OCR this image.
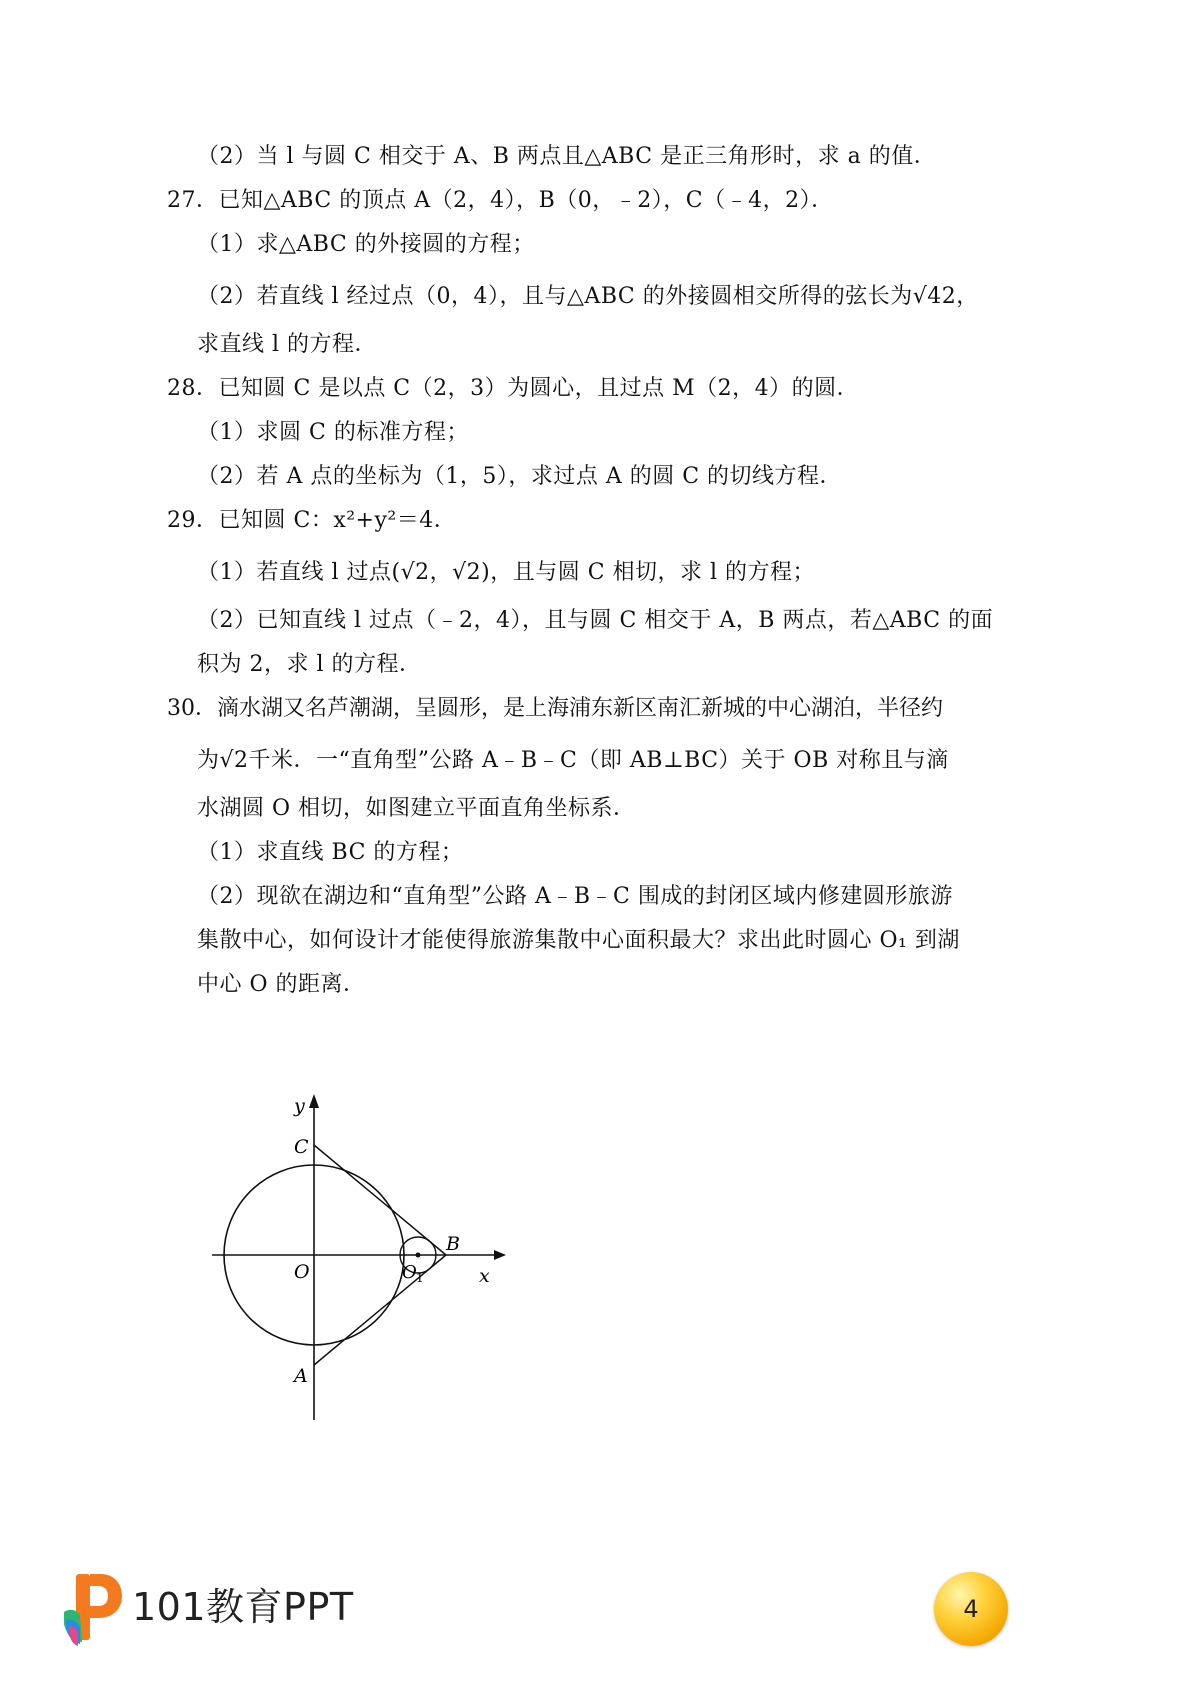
（2）当 l 与圆 C 相交于 A、B 两点且△ABC 是正三角形时，求 a 的值．
27．已知△ABC 的顶点 A（2，4），B（0，﹣2），C（﹣4，2）．
（1）求△ABC 的外接圆的方程；
（2）若直线 l 经过点（0，4），且与△ABC 的外接圆相交所得的弦长为√42，
求直线 l 的方程．
28．已知圆 C 是以点 C（2，3）为圆心，且过点 M（2，4）的圆．
（1）求圆 C 的标准方程；
（2）若 A 点的坐标为（1，5），求过点 A 的圆 C 的切线方程．
29．已知圆 C：x²+y²＝4．
（1）若直线 l 过点(√2，√2)，且与圆 C 相切，求 l 的方程；
（2）已知直线 l 过点（﹣2，4），且与圆 C 相交于 A，B 两点，若△ABC 的面
积为 2，求 l 的方程．
30．滴水湖又名芦潮湖，呈圆形，是上海浦东新区南汇新城的中心湖泊，半径约
为√2千米．一“直角型”公路 A﹣B﹣C（即 AB⊥BC）关于 OB 对称且与滴
水湖圆 O 相切，如图建立平面直角坐标系．
（1）求直线 BC 的方程；
（2）现欲在湖边和“直角型”公路 A﹣B﹣C 围成的封闭区域内修建圆形旅游
集散中心，如何设计才能使得旅游集散中心面积最大？求出此时圆心 O₁ 到湖
中心 O 的距离．
y
C
O
B
O 1	x
A
101教育PPT	4
